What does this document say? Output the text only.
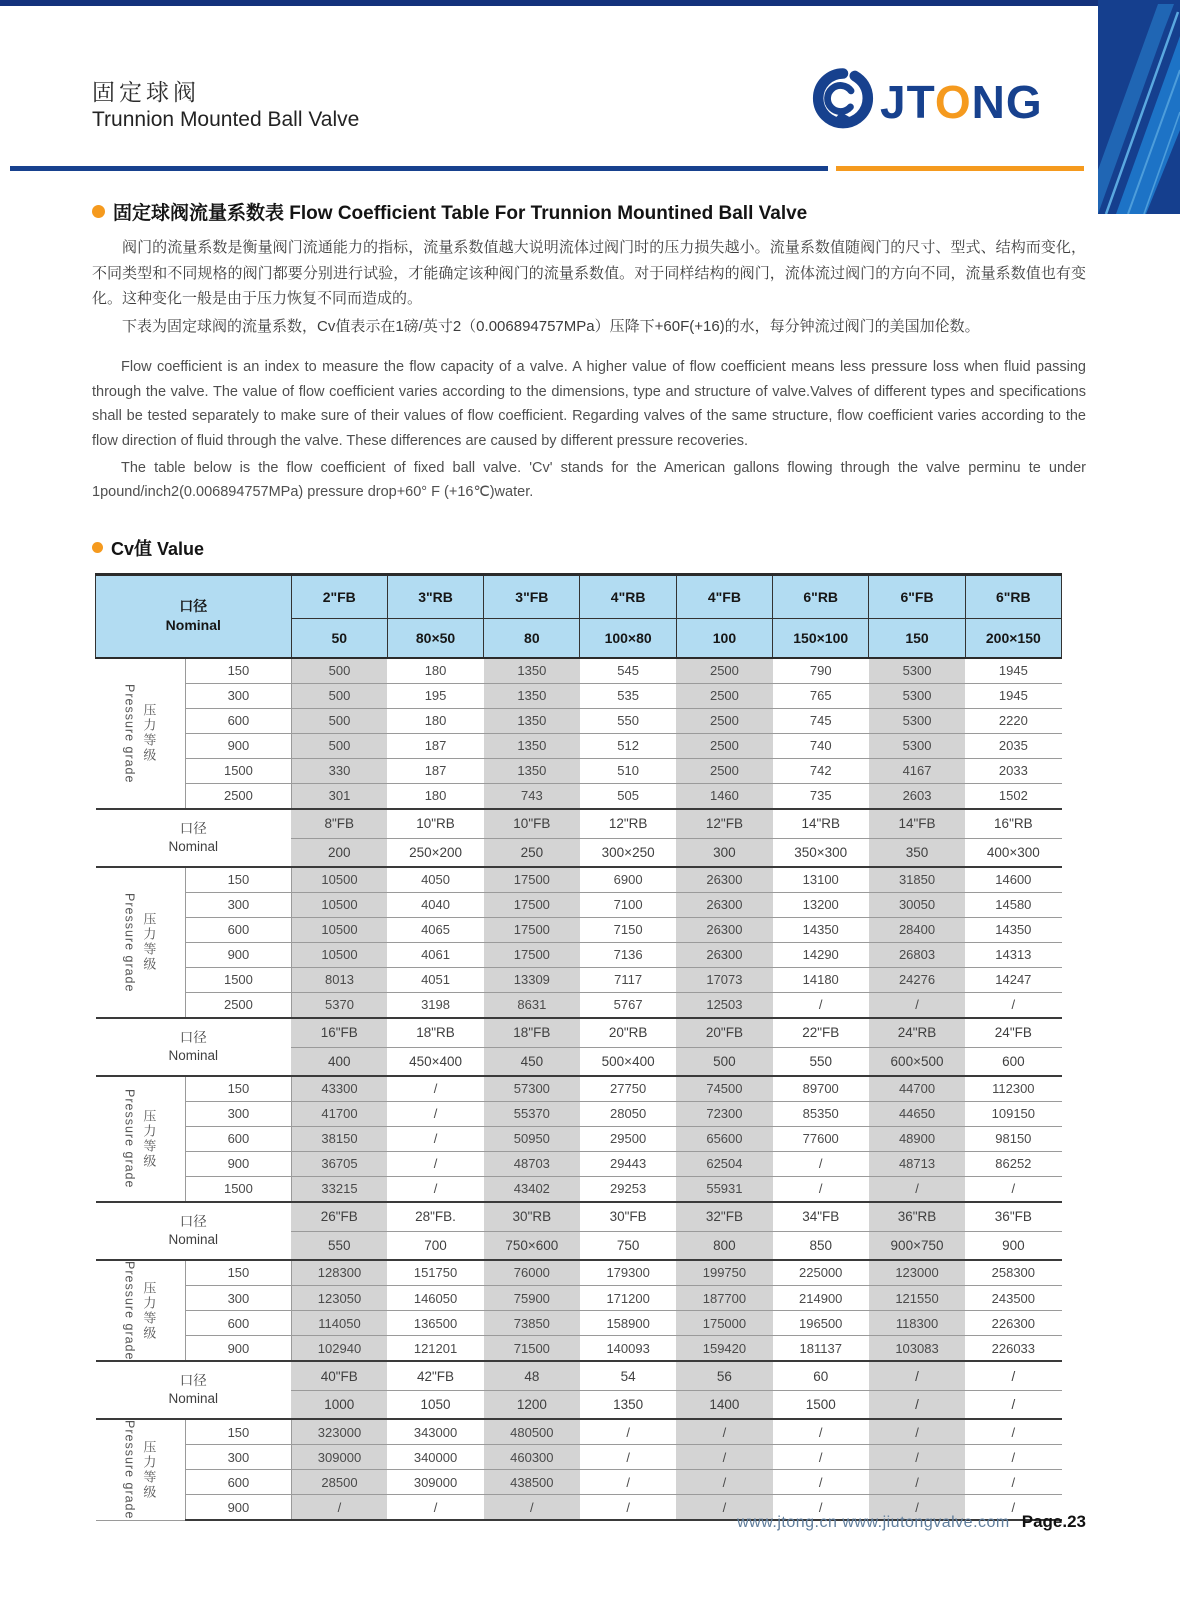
固定球阀
Trunnion Mounted Ball Valve	JTONG
固定球阀流量系数表 Flow Coefficient Table For Trunnion Mountined Ball Valve

阀门的流量系数是衡量阀门流通能力的指标，流量系数值越大说明流体过阀门时的压力损失越小。流量系数值随阀门的尺寸、型式、结构而变化，不同类型和不同规格的阀门都要分别进行试验，才能确定该种阀门的流量系数值。对于同样结构的阀门，流体流过阀门的方向不同，流量系数值也有变化。这种变化一般是由于压力恢复不同而造成的。

下表为固定球阀的流量系数，Cv值表示在1磅/英寸2（0.006894757MPa）压降下+60F(+16)的水，每分钟流过阀门的美国加伦数。

Flow coefficient is an index to measure the flow capacity of a valve. A higher value of flow coefficient means less pressure loss when fluid passing through the valve. The value of flow coefficient varies according to the dimensions, type and structure of valve.Valves of different types and specifications shall be tested separately to make sure of their values of flow coefficient. Regarding valves of the same structure, flow coefficient varies according to the flow direction of fluid through the valve. These differences are caused by different pressure recoveries.

The table below is the flow coefficient of fixed ball valve. 'Cv' stands for the American gallons flowing through the valve perminu te under 1pound/inch2(0.006894757MPa) pressure drop+60° F (+16℃)water.

Cv值 Value
口径
Nominal		2"FB	3"RB	3"FB	4"RB	4"FB	6"RB	6"FB	6"RB
		50	80×50	80	100×80	100	150×100	150	200×150

Pressure grade 压力等级	150	500	180	1350	545	2500	790	5300	1945
	300	500	195	1350	535	2500	765	5300	1945
	600	500	180	1350	550	2500	745	5300	2220
	900	500	187	1350	512	2500	740	5300	2035
	1500	330	187	1350	510	2500	742	4167	2033
	2500	301	180	743	505	1460	735	2603	1502
口径
Nominal		8"FB	10"RB	10"FB	12"RB	12"FB	14"RB	14"FB	16"RB
		200	250×200	250	300×250	300	350×300	350	400×300

Pressure grade 压力等级	150	10500	4050	17500	6900	26300	13100	31850	14600
	300	10500	4040	17500	7100	26300	13200	30050	14580
	600	10500	4065	17500	7150	26300	14350	28400	14350
	900	10500	4061	17500	7136	26300	14290	26803	14313
	1500	8013	4051	13309	7117	17073	14180	24276	14247
	2500	5370	3198	8631	5767	12503	/	/	/
口径
Nominal		16"FB	18"RB	18"FB	20"RB	20"FB	22"FB	24"RB	24"FB
		400	450×400	450	500×400	500	550	600×500	600

Pressure grade 压力等级	150	43300	/	57300	27750	74500	89700	44700	112300
	300	41700	/	55370	28050	72300	85350	44650	109150
	600	38150	/	50950	29500	65600	77600	48900	98150
	900	36705	/	48703	29443	62504	/	48713	86252
	1500	33215	/	43402	29253	55931	/	/	/
口径
Nominal		26"FB	28"FB.	30"RB	30"FB	32"FB	34"FB	36"RB	36"FB
		550	700	750×600	750	800	850	900×750	900

Pressure grade 压力等级	150	128300	151750	76000	179300	199750	225000	123000	258300
	300	123050	146050	75900	171200	187700	214900	121550	243500
	600	114050	136500	73850	158900	175000	196500	118300	226300
	900	102940	121201	71500	140093	159420	181137	103083	226033
口径
Nominal		40"FB	42"FB	48	54	56	60	/	/
		1000	1050	1200	1350	1400	1500	/	/

Pressure grade 压力等级	150	323000	343000	480500	/	/	/	/	/
	300	309000	340000	460300	/	/	/	/	/
	600	28500	309000	438500	/	/	/	/	/
	900	/	/	/	/	/	/	/	/
www.jtong.cn www.jiutongvalve.com Page.23
